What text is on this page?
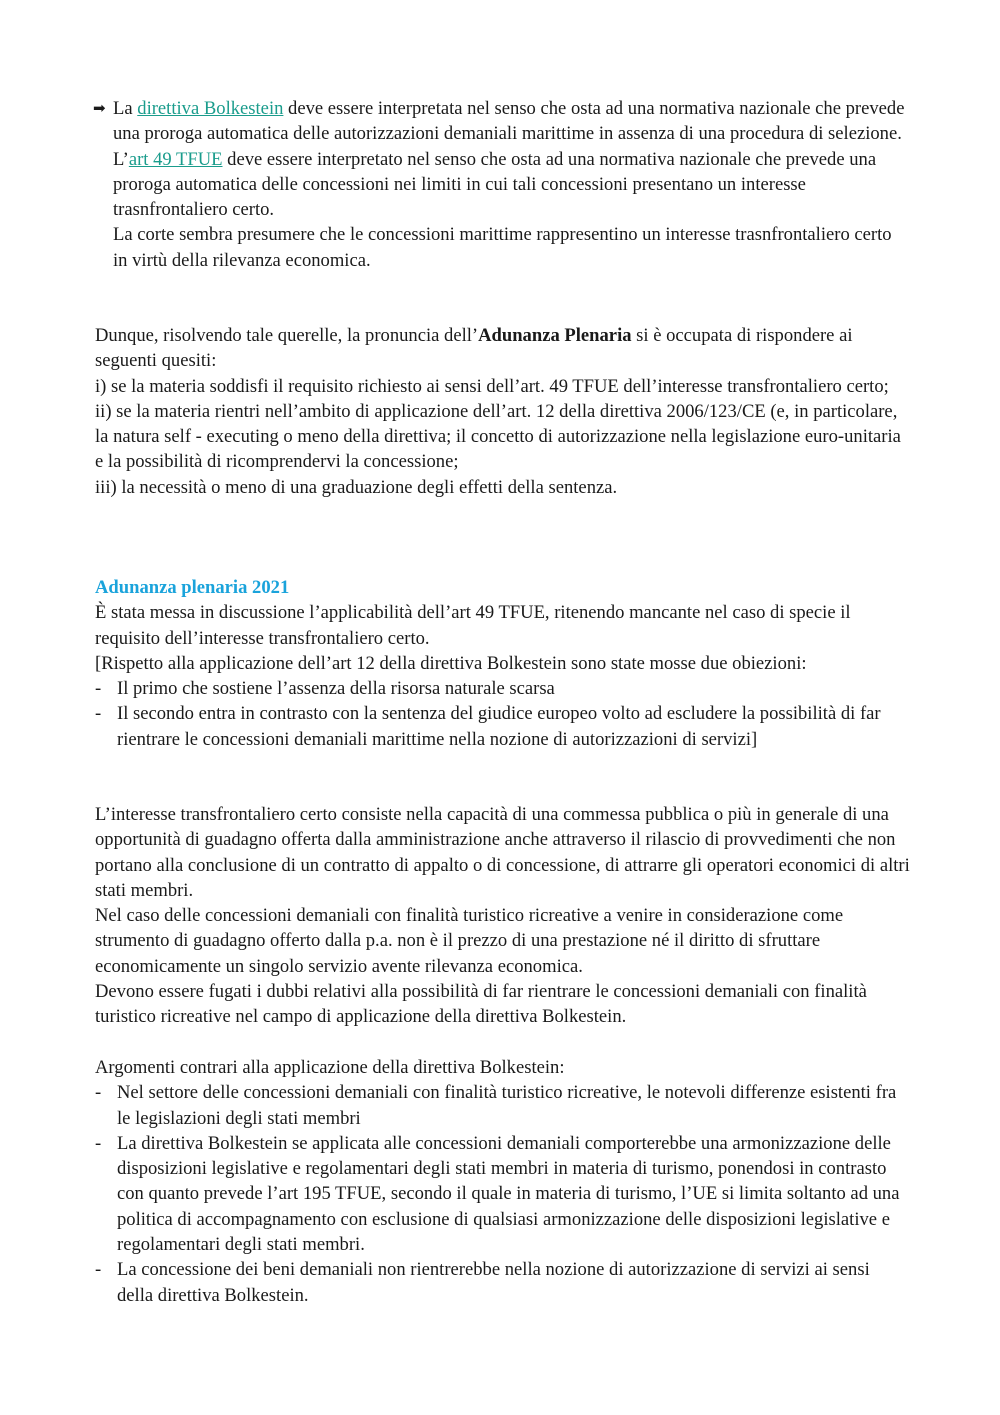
➡ La direttiva Bolkestein deve essere interpretata nel senso che osta ad una normativa nazionale che prevede una proroga automatica delle autorizzazioni demaniali marittime in assenza di una procedura di selezione.

L’art 49 TFUE deve essere interpretato nel senso che osta ad una normativa nazionale che prevede una proroga automatica delle concessioni nei limiti in cui tali concessioni presentano un interesse trasnfrontaliero certo.

La corte sembra presumere che le concessioni marittime rappresentino un interesse trasnfrontaliero certo in virtù della rilevanza economica.

Dunque, risolvendo tale querelle, la pronuncia dell’Adunanza Plenaria si è occupata di rispondere ai seguenti quesiti:

i) se la materia soddisfi il requisito richiesto ai sensi dell’art. 49 TFUE dell’interesse transfrontaliero certo;

ii) se la materia rientri nell’ambito di applicazione dell’art. 12 della direttiva 2006/123/CE (e, in particolare, la natura self - executing o meno della direttiva; il concetto di autorizzazione nella legislazione euro-unitaria e la possibilità di ricomprendervi la concessione;

iii) la necessità o meno di una graduazione degli effetti della sentenza.

Adunanza plenaria 2021

È stata messa in discussione l’applicabilità dell’art 49 TFUE, ritenendo mancante nel caso di specie il requisito dell’interesse transfrontaliero certo.

[Rispetto alla applicazione dell’art 12 della direttiva Bolkestein sono state mosse due obiezioni:

- Il primo che sostiene l’assenza della risorsa naturale scarsa
- Il secondo entra in contrasto con la sentenza del giudice europeo volto ad escludere la possibilità di far rientrare le concessioni demaniali marittime nella nozione di autorizzazioni di servizi]

L’interesse transfrontaliero certo consiste nella capacità di una commessa pubblica o più in generale di una opportunità di guadagno offerta dalla amministrazione anche attraverso il rilascio di provvedimenti che non portano alla conclusione di un contratto di appalto o di concessione, di attrarre gli operatori economici di altri stati membri.

Nel caso delle concessioni demaniali con finalità turistico ricreative a venire in considerazione come strumento di guadagno offerto dalla p.a. non è il prezzo di una prestazione né il diritto di sfruttare economicamente un singolo servizio avente rilevanza economica.

Devono essere fugati i dubbi relativi alla possibilità di far rientrare le concessioni demaniali con finalità turistico ricreative nel campo di applicazione della direttiva Bolkestein.

Argomenti contrari alla applicazione della direttiva Bolkestein:

- Nel settore delle concessioni demaniali con finalità turistico ricreative, le notevoli differenze esistenti fra le legislazioni degli stati membri
- La direttiva Bolkestein se applicata alle concessioni demaniali comporterebbe una armonizzazione delle disposizioni legislative e regolamentari degli stati membri in materia di turismo, ponendosi in contrasto con quanto prevede l’art 195 TFUE, secondo il quale in materia di turismo, l’UE si limita soltanto ad una politica di accompagnamento con esclusione di qualsiasi armonizzazione delle disposizioni legislative e regolamentari degli stati membri.
- La concessione dei beni demaniali non rientrerebbe nella nozione di autorizzazione di servizi ai sensi della direttiva Bolkestein.
